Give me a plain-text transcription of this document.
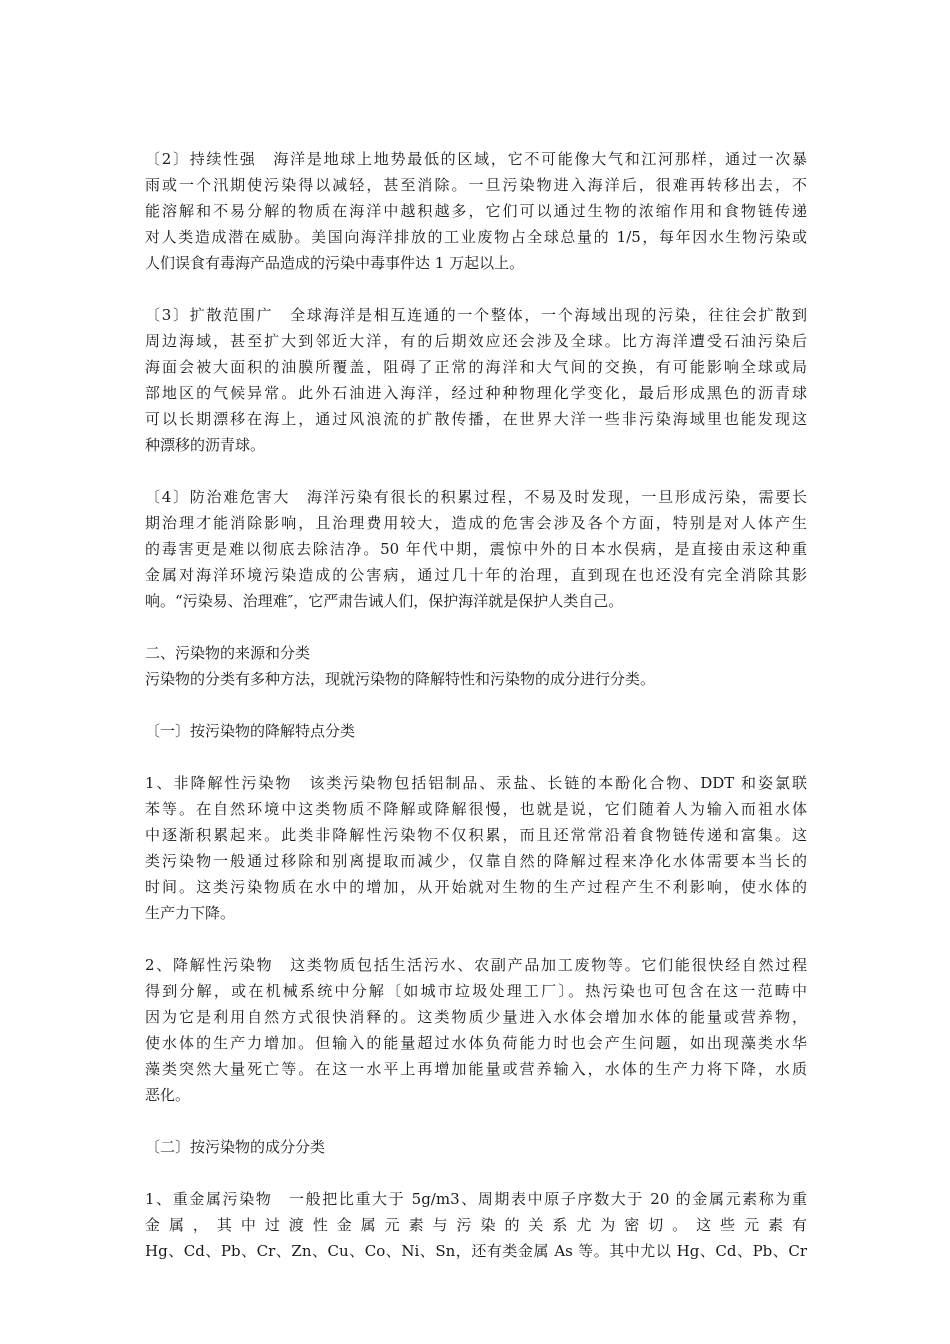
〔2〕持续性强　海洋是地球上地势最低的区域，它不可能像大气和江河那样，通过一次暴
雨或一个汛期使污染得以减轻，甚至消除。一旦污染物进入海洋后，很难再转移出去，不
能溶解和不易分解的物质在海洋中越积越多，它们可以通过生物的浓缩作用和食物链传递
对人类造成潜在威胁。美国向海洋排放的工业废物占全球总量的 1/5，每年因水生物污染或
人们误食有毒海产品造成的污染中毒事件达 1 万起以上。
〔3〕扩散范围广　全球海洋是相互连通的一个整体，一个海域出现的污染，往往会扩散到
周边海域，甚至扩大到邻近大洋，有的后期效应还会涉及全球。比方海洋遭受石油污染后
海面会被大面积的油膜所覆盖，阻碍了正常的海洋和大气间的交换，有可能影响全球或局
部地区的气候异常。此外石油进入海洋，经过种种物理化学变化，最后形成黑色的沥青球
可以长期漂移在海上，通过风浪流的扩散传播，在世界大洋一些非污染海域里也能发现这
种漂移的沥青球。
〔4〕防治难危害大　海洋污染有很长的积累过程，不易及时发现，一旦形成污染，需要长
期治理才能消除影响，且治理费用较大，造成的危害会涉及各个方面，特别是对人体产生
的毒害更是难以彻底去除洁净。50 年代中期，震惊中外的日本水俣病，是直接由汞这种重
金属对海洋环境污染造成的公害病，通过几十年的治理，直到现在也还没有完全消除其影
响。“污染易、治理难″，它严肃告诫人们，保护海洋就是保护人类自己。
二、污染物的来源和分类
污染物的分类有多种方法，现就污染物的降解特性和污染物的成分进行分类。
〔一〕按污染物的降解特点分类
1、非降解性污染物　该类污染物包括铝制品、汞盐、长链的本酚化合物、DDT 和姿氯联
苯等。在自然环境中这类物质不降解或降解很慢，也就是说，它们随着人为输入而祖水体
中逐渐积累起来。此类非降解性污染物不仅积累，而且还常常沿着食物链传递和富集。这
类污染物一般通过移除和别离提取而减少，仅靠自然的降解过程来净化水体需要本当长的
时间。这类污染物质在水中的增加，从开始就对生物的生产过程产生不利影响，使水体的
生产力下降。
2、降解性污染物　这类物质包括生活污水、农副产品加工废物等。它们能很快经自然过程
得到分解，或在机械系统中分解〔如城市垃圾处理工厂〕。热污染也可包含在这一范畴中
因为它是利用自然方式很快消释的。这类物质少量进入水体会增加水体的能量或营养物，
使水体的生产力增加。但输入的能量超过水体负荷能力时也会产生问题，如出现藻类水华
藻类突然大量死亡等。在这一水平上再增加能量或营养输入，水体的生产力将下降，水质
恶化。
〔二〕按污染物的成分分类
1、重金属污染物　一般把比重大于 5g/m3、周期表中原子序数大于 20 的金属元素称为重
金 属 ， 其 中 过 渡 性 金 属 元 素 与 污 染 的 关 系 尤 为 密 切 。 这 些 元 素 有
Hg、Cd、Pb、Cr、Zn、Cu、Co、Ni、Sn，还有类金属 As 等。其中尤以 Hg、Cd、Pb、Cr
